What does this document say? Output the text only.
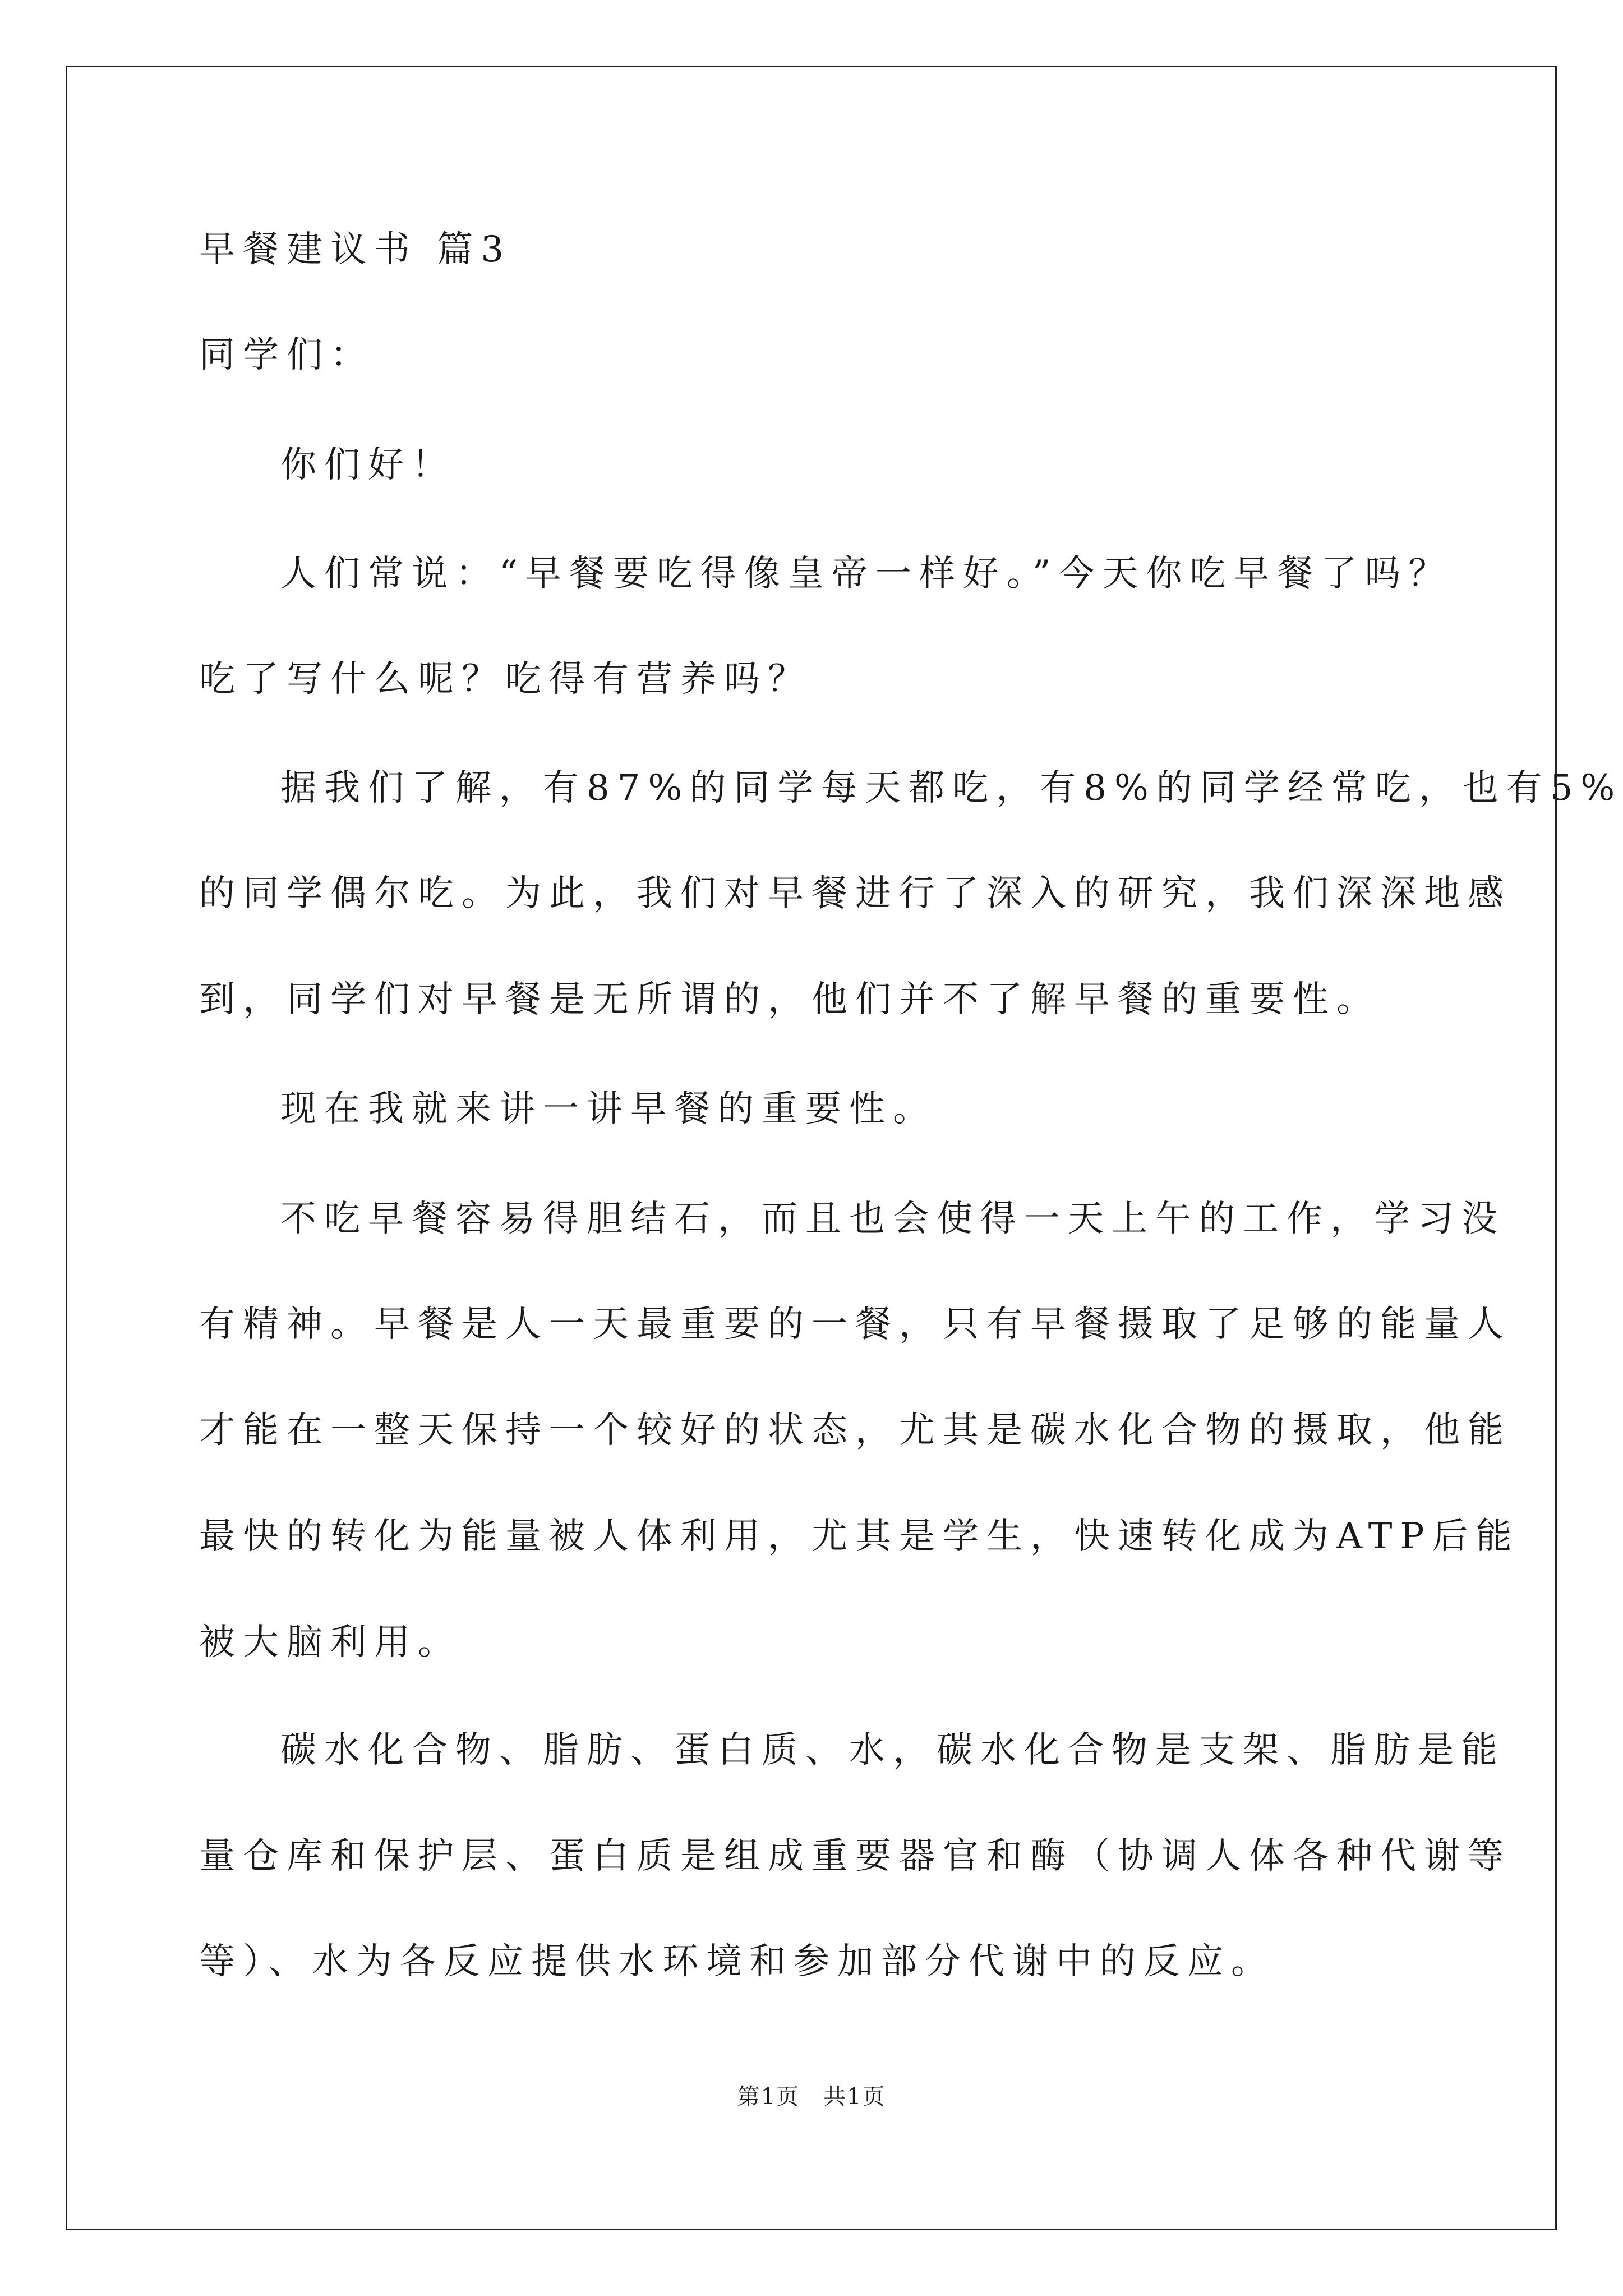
早餐建议书 篇3
同学们：
你们好！
人们常说：“早餐要吃得像皇帝一样好。”今天你吃早餐了吗？
吃了写什么呢？吃得有营养吗？
据我们了解，有87%的同学每天都吃，有8%的同学经常吃，也有5%
的同学偶尔吃。为此，我们对早餐进行了深入的研究，我们深深地感
到，同学们对早餐是无所谓的，他们并不了解早餐的重要性。
现在我就来讲一讲早餐的重要性。
不吃早餐容易得胆结石，而且也会使得一天上午的工作，学习没
有精神。早餐是人一天最重要的一餐，只有早餐摄取了足够的能量人
才能在一整天保持一个较好的状态，尤其是碳水化合物的摄取，他能
最快的转化为能量被人体利用，尤其是学生，快速转化成为ATP后能
被大脑利用。
碳水化合物、脂肪、蛋白质、水，碳水化合物是支架、脂肪是能
量仓库和保护层、蛋白质是组成重要器官和酶（协调人体各种代谢等
等）、水为各反应提供水环境和参加部分代谢中的反应。
第1页　共1页
